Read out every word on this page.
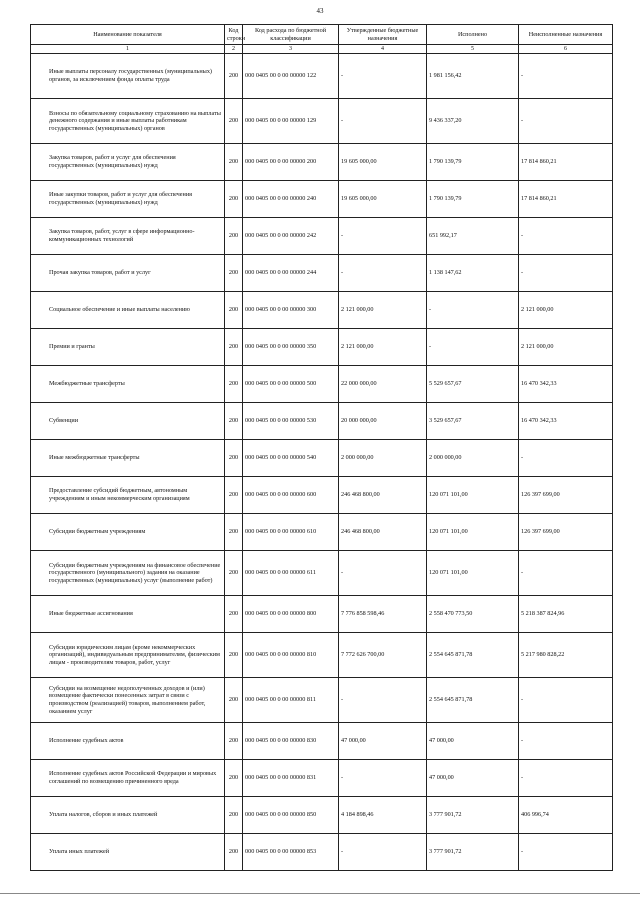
43
Наименование показателя	Код строки	Код расхода по бюджетной классификации	Утвержденные бюджетные назначения	Исполнено	Неисполненные назначения
1	2	3	4	5	6
Иные выплаты персоналу государственных (муниципальных) органов, за исключением фонда оплаты труда	200	000 0405 00 0 00 00000 122	-	1 981 156,42	-
Взносы по обязательному социальному страхованию на выплаты денежного содержания и иные выплаты работникам государственных (муниципальных) органов	200	000 0405 00 0 00 00000 129	-	9 436 337,20	-
Закупка товаров, работ и услуг для обеспечения государственных (муниципальных) нужд	200	000 0405 00 0 00 00000 200	19 605 000,00	1 790 139,79	17 814 860,21
Иные закупки товаров, работ и услуг для обеспечения государственных (муниципальных) нужд	200	000 0405 00 0 00 00000 240	19 605 000,00	1 790 139,79	17 814 860,21
Закупка товаров, работ, услуг в сфере информационно-коммуникационных технологий	200	000 0405 00 0 00 00000 242	-	651 992,17	-
Прочая закупка товаров, работ и услуг	200	000 0405 00 0 00 00000 244	-	1 138 147,62	-
Социальное обеспечение и иные выплаты населению	200	000 0405 00 0 00 00000 300	2 121 000,00	-	2 121 000,00
Премии и гранты	200	000 0405 00 0 00 00000 350	2 121 000,00	-	2 121 000,00
Межбюджетные трансферты	200	000 0405 00 0 00 00000 500	22 000 000,00	5 529 657,67	16 470 342,33
Субвенции	200	000 0405 00 0 00 00000 530	20 000 000,00	3 529 657,67	16 470 342,33
Иные межбюджетные трансферты	200	000 0405 00 0 00 00000 540	2 000 000,00	2 000 000,00	-
Предоставление субсидий бюджетным, автономным учреждениям и иным некоммерческим организациям	200	000 0405 00 0 00 00000 600	246 468 800,00	120 071 101,00	126 397 699,00
Субсидии бюджетным учреждениям	200	000 0405 00 0 00 00000 610	246 468 800,00	120 071 101,00	126 397 699,00
Субсидии бюджетным учреждениям на финансовое обеспечение государственного (муниципального) задания на оказание государственных (муниципальных) услуг (выполнение работ)	200	000 0405 00 0 00 00000 611	-	120 071 101,00	-
Иные бюджетные ассигнования	200	000 0405 00 0 00 00000 800	7 776 858 598,46	2 558 470 773,50	5 218 387 824,96
Субсидии юридическим лицам (кроме некоммерческих организаций), индивидуальным предпринимателям, физическим лицам - производителям товаров, работ, услуг	200	000 0405 00 0 00 00000 810	7 772 626 700,00	2 554 645 871,78	5 217 980 828,22
Субсидии на возмещение недополученных доходов и (или) возмещение фактически понесенных затрат в связи с производством (реализацией) товаров, выполнением работ, оказанием услуг	200	000 0405 00 0 00 00000 811	-	2 554 645 871,78	-
Исполнение судебных актов	200	000 0405 00 0 00 00000 830	47 000,00	47 000,00	-
Исполнение судебных актов Российской Федерации и мировых соглашений по возмещению причиненного вреда	200	000 0405 00 0 00 00000 831	-	47 000,00	-
Уплата налогов, сборов и иных платежей	200	000 0405 00 0 00 00000 850	4 184 898,46	3 777 901,72	406 996,74
Уплата иных платежей	200	000 0405 00 0 00 00000 853	-	3 777 901,72	-
